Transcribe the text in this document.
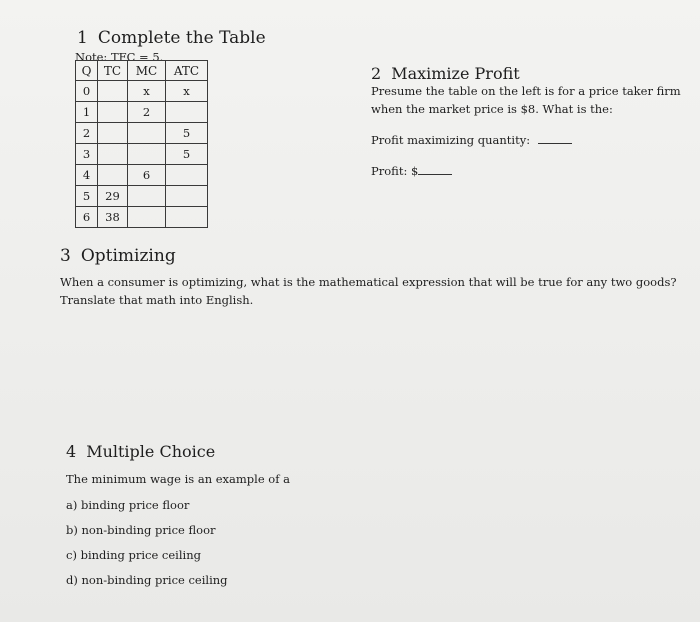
1 Complete the Table
Note: TFC = 5.
Q	TC	MC	ATC
0		x	x
1		2	
2			5
3			5
4		6	
5	29		
6	38		
2 Maximize Profit
Presume the table on the left is for a price taker firm
when the market price is $8. What is the:
Profit maximizing quantity:
Profit: $
3 Optimizing
When a consumer is optimizing, what is the mathematical expression that will be true for any two goods?
Translate that math into English.
4 Multiple Choice
The minimum wage is an example of a
a) binding price floor
b) non-binding price floor
c) binding price ceiling
d) non-binding price ceiling
